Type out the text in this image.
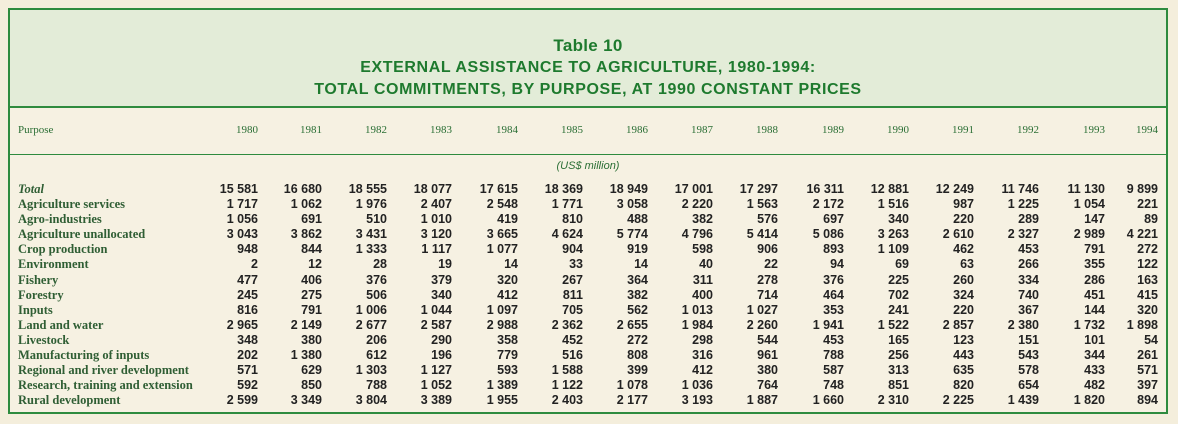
Table 10
EXTERNAL ASSISTANCE TO AGRICULTURE, 1980-1994:
TOTAL COMMITMENTS, BY PURPOSE, AT 1990 CONSTANT PRICES
Purpose	1980	1981	1982	1983	1984	1985	1986	1987	1988	1989	1990	1991	1992	1993	1994
(US$ million)
Total	15 581	16 680	18 555	18 077	17 615	18 369	18 949	17 001	17 297	16 311	12 881	12 249	11 746	11 130	9 899
Agriculture services	1 717	1 062	1 976	2 407	2 548	1 771	3 058	2 220	1 563	2 172	1 516	987	1 225	1 054	221
Agro-industries	1 056	691	510	1 010	419	810	488	382	576	697	340	220	289	147	89
Agriculture unallocated	3 043	3 862	3 431	3 120	3 665	4 624	5 774	4 796	5 414	5 086	3 263	2 610	2 327	2 989	4 221
Crop production	948	844	1 333	1 117	1 077	904	919	598	906	893	1 109	462	453	791	272
Environment	2	12	28	19	14	33	14	40	22	94	69	63	266	355	122
Fishery	477	406	376	379	320	267	364	311	278	376	225	260	334	286	163
Forestry	245	275	506	340	412	811	382	400	714	464	702	324	740	451	415
Inputs	816	791	1 006	1 044	1 097	705	562	1 013	1 027	353	241	220	367	144	320
Land and water	2 965	2 149	2 677	2 587	2 988	2 362	2 655	1 984	2 260	1 941	1 522	2 857	2 380	1 732	1 898
Livestock	348	380	206	290	358	452	272	298	544	453	165	123	151	101	54
Manufacturing of inputs	202	1 380	612	196	779	516	808	316	961	788	256	443	543	344	261
Regional and river development	571	629	1 303	1 127	593	1 588	399	412	380	587	313	635	578	433	571
Research, training and extension	592	850	788	1 052	1 389	1 122	1 078	1 036	764	748	851	820	654	482	397
Rural development	2 599	3 349	3 804	3 389	1 955	2 403	2 177	3 193	1 887	1 660	2 310	2 225	1 439	1 820	894
